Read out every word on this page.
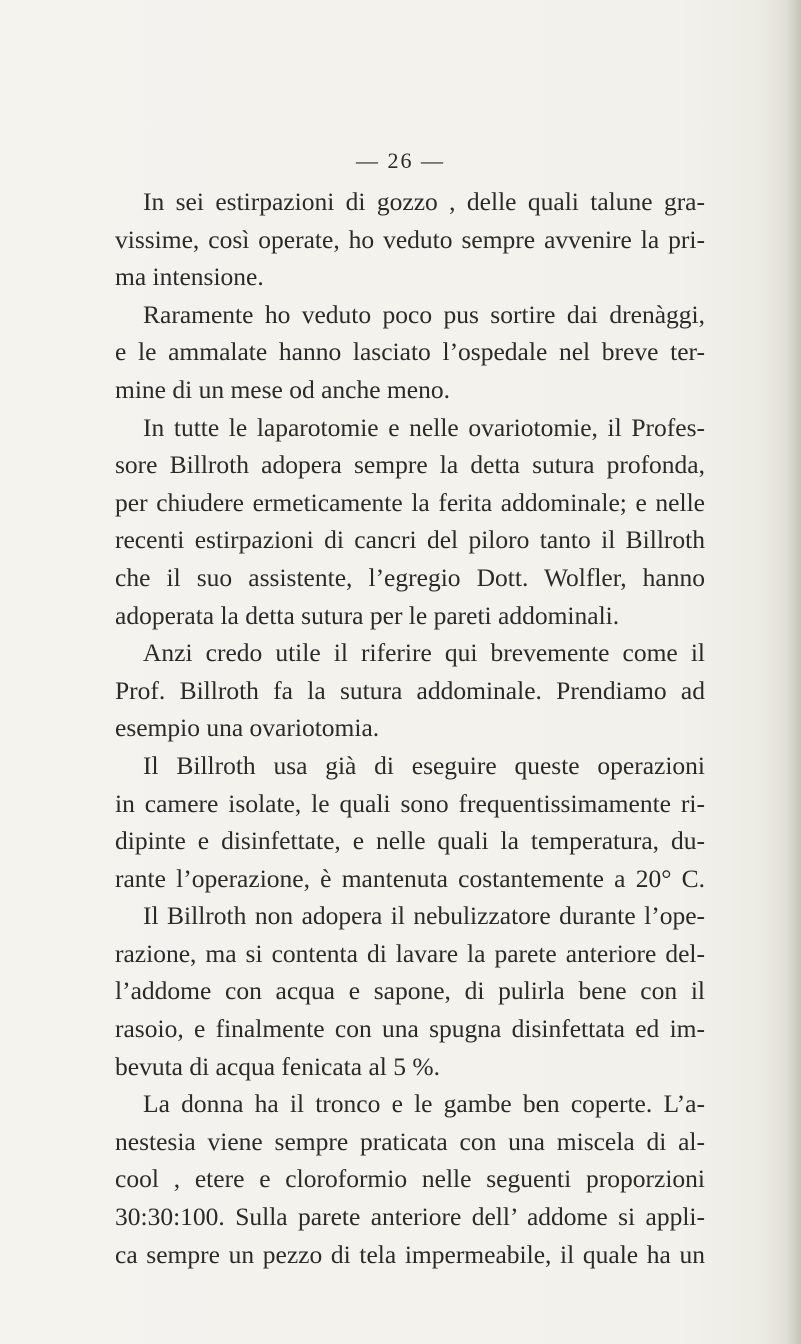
— 26 —
In sei estirpazioni di gozzo , delle quali talune gra-
vissime, così operate, ho veduto sempre avvenire la pri-
ma intensione.
Raramente ho veduto poco pus sortire dai drenàggi,
e le ammalate hanno lasciato l’ospedale nel breve ter-
mine di un mese od anche meno.
In tutte le laparotomie e nelle ovariotomie, il Profes-
sore Billroth adopera sempre la detta sutura profonda,
per chiudere ermeticamente la ferita addominale; e nelle
recenti estirpazioni di cancri del piloro tanto il Billroth
che il suo assistente, l’egregio Dott. Wolfler, hanno
adoperata la detta sutura per le pareti addominali.
Anzi credo utile il riferire qui brevemente come il
Prof. Billroth fa la sutura addominale. Prendiamo ad
esempio una ovariotomia.
Il Billroth usa già di eseguire queste operazioni
in camere isolate, le quali sono frequentissimamente ri-
dipinte e disinfettate, e nelle quali la temperatura, du-
rante l’operazione, è mantenuta costantemente a 20° C.
Il Billroth non adopera il nebulizzatore durante l’ope-
razione, ma si contenta di lavare la parete anteriore del-
l’addome con acqua e sapone, di pulirla bene con il
rasoio, e finalmente con una spugna disinfettata ed im-
bevuta di acqua fenicata al 5 %.
La donna ha il tronco e le gambe ben coperte. L’a-
nestesia viene sempre praticata con una miscela di al-
cool , etere e cloroformio nelle seguenti proporzioni
30:30:100. Sulla parete anteriore dell’ addome si appli-
ca sempre un pezzo di tela impermeabile, il quale ha un
